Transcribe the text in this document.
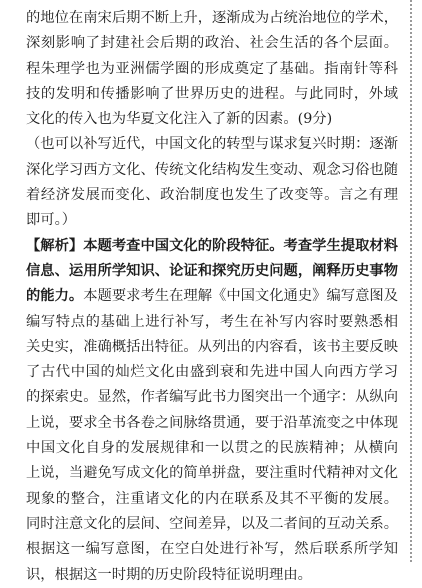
的地位在南宋后期不断上升，逐渐成为占统治地位的学术，
深刻影响了封建社会后期的政治、社会生活的各个层面。
程朱理学也为亚洲儒学圈的形成奠定了基础。指南针等科
技的发明和传播影响了世界历史的进程。与此同时，外域
文化的传入也为华夏文化注入了新的因素。(9分)
（也可以补写近代，中国文化的转型与谋求复兴时期：逐渐
深化学习西方文化、传统文化结构发生变动、观念习俗也随
着经济发展而变化、政治制度也发生了改变等。言之有理
即可。）
【解析】本题考查中国文化的阶段特征。考查学生提取材料
信息、运用所学知识、论证和探究历史问题，阐释历史事物
的能力。本题要求考生在理解《中国文化通史》编写意图及
编写特点的基础上进行补写，考生在补写内容时要熟悉相
关史实，准确概括出特征。从列出的内容看，该书主要反映
了古代中国的灿烂文化由盛到衰和先进中国人向西方学习
的探索史。显然，作者编写此书力图突出一个通字：从纵向
上说，要求全书各卷之间脉络贯通，要于沿革流变之中体现
中国文化自身的发展规律和一以贯之的民族精神；从横向
上说，当避免写成文化的简单拼盘，要注重时代精神对文化
现象的整合，注重诸文化的内在联系及其不平衡的发展。
同时注意文化的层间、空间差异，以及二者间的互动关系。
根据这一编写意图，在空白处进行补写，然后联系所学知
识，根据这一时期的历史阶段特征说明理由。
